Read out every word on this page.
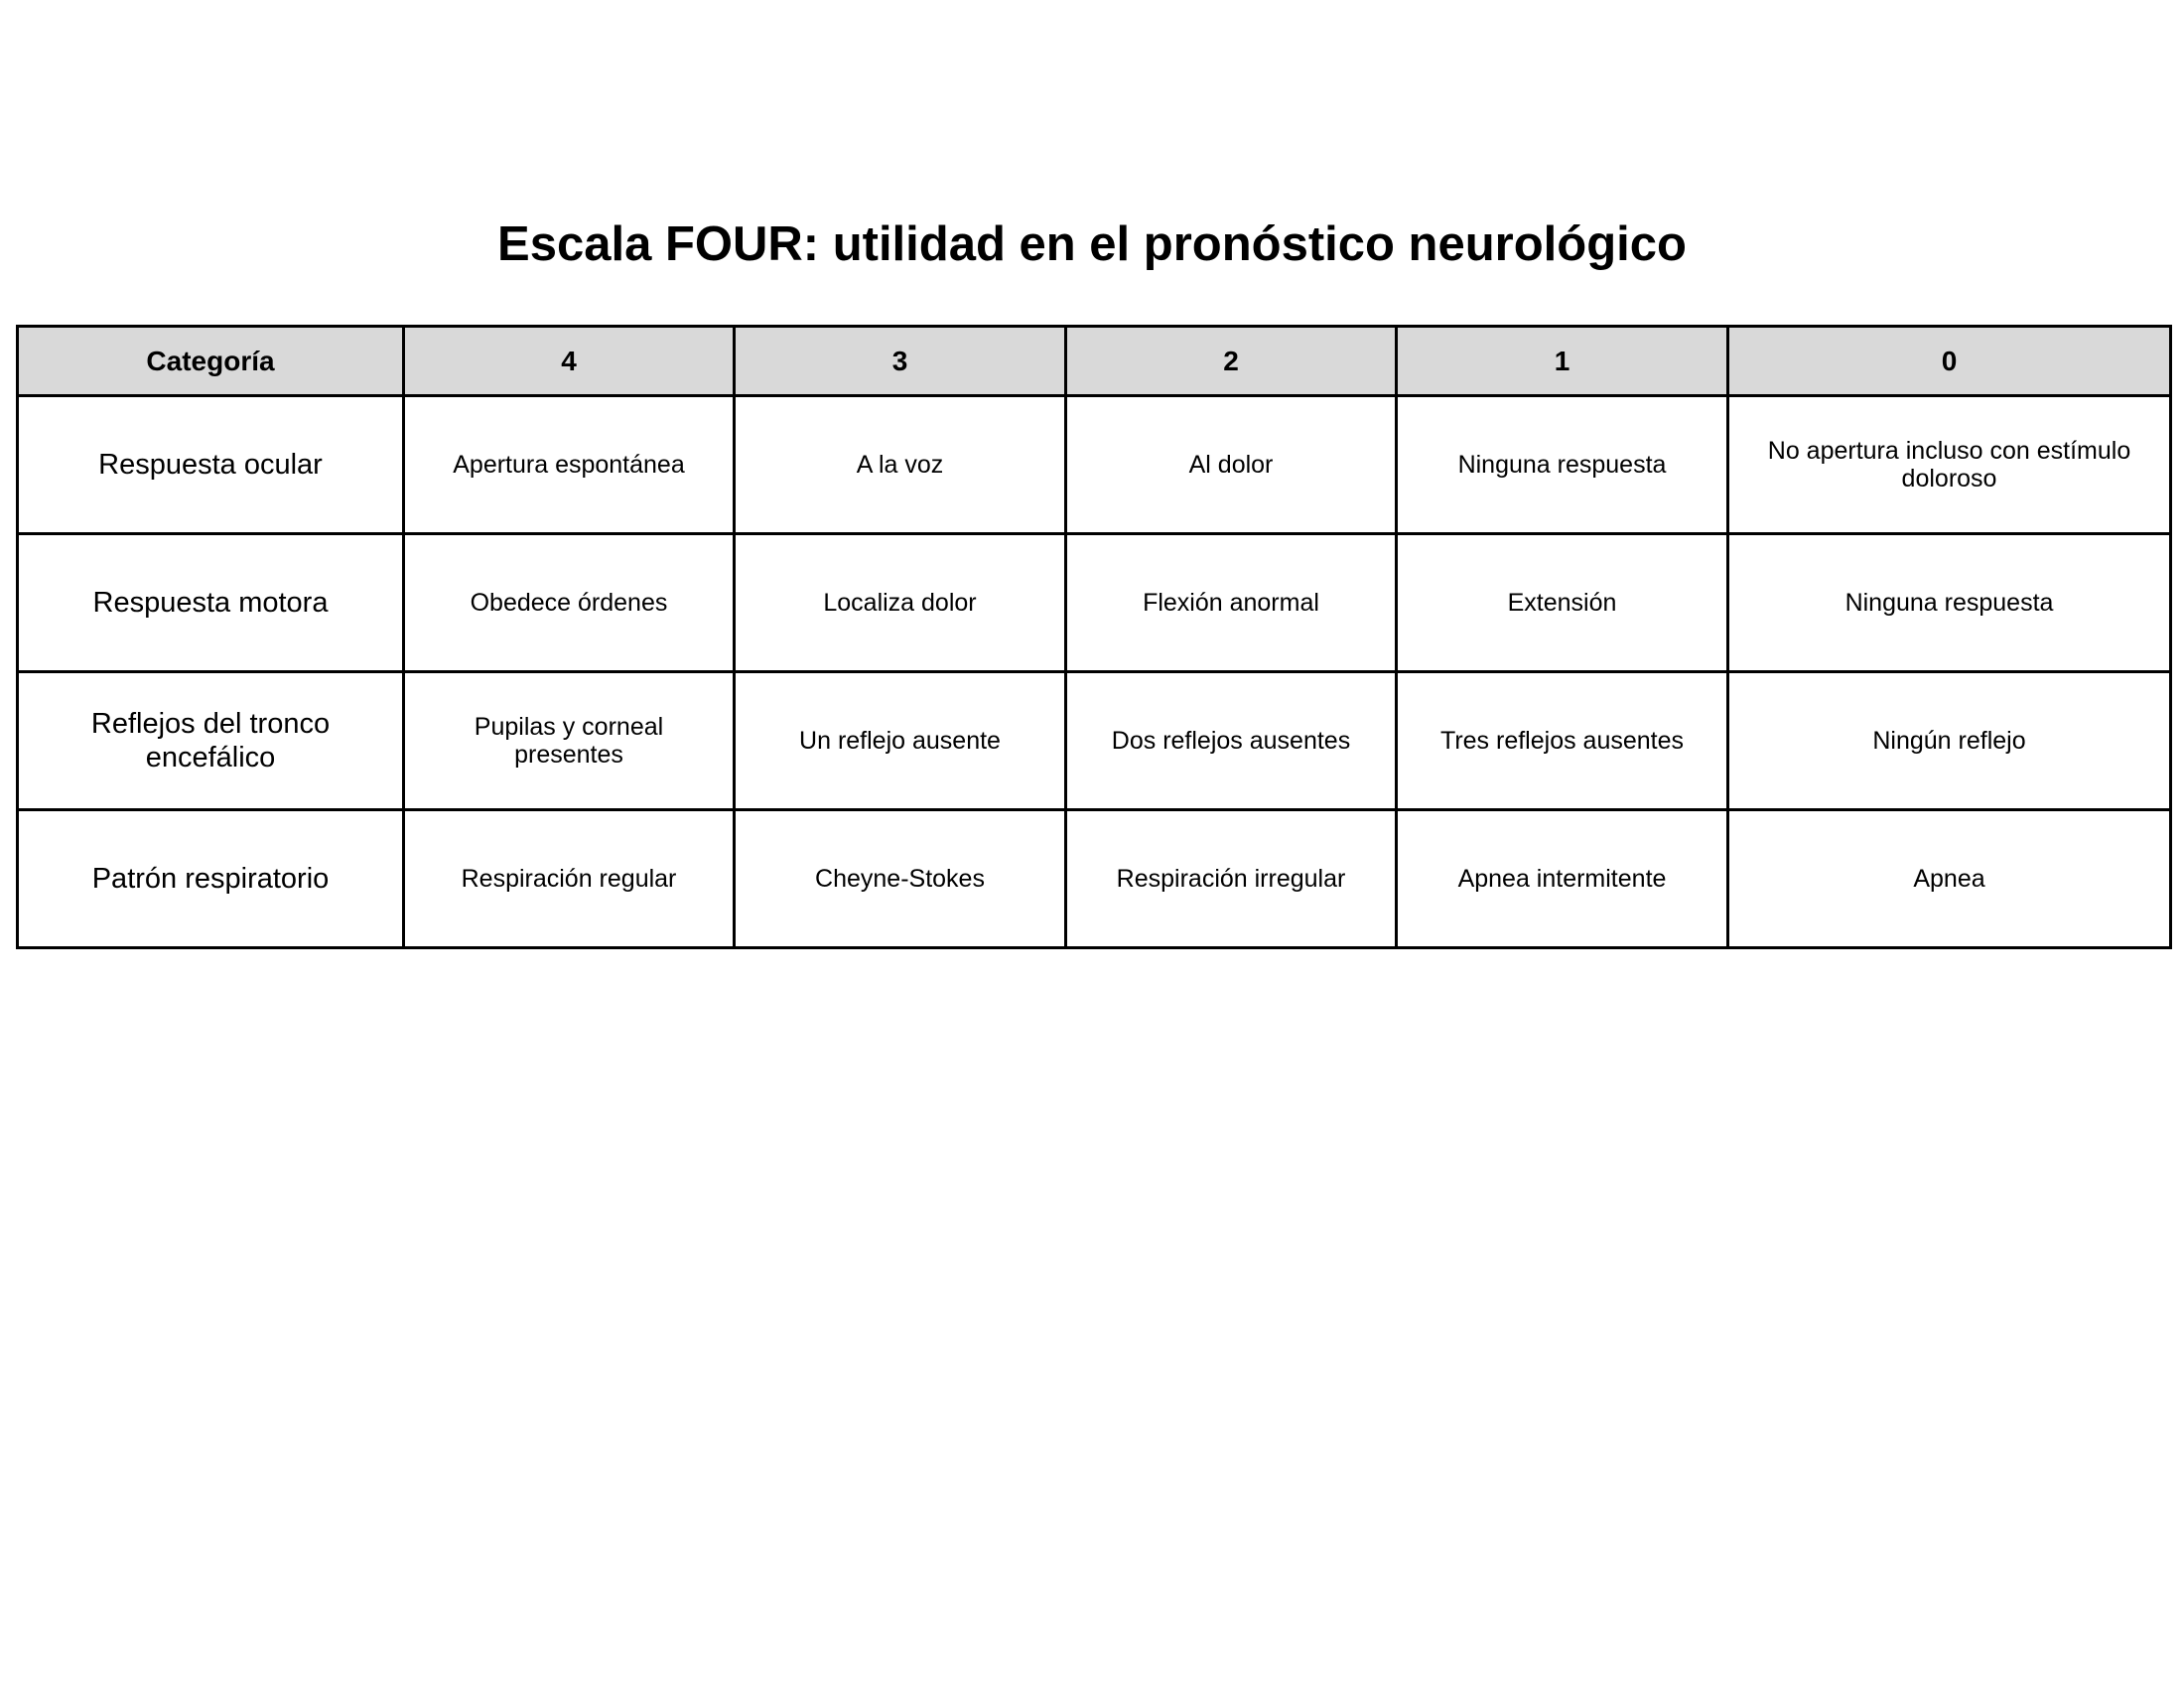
Escala FOUR: utilidad en el pronóstico neurológico
Categoría	4	3	2	1	0
Respuesta ocular	Apertura espontánea	A la voz	Al dolor	Ninguna respuesta	No apertura incluso con estímulo doloroso
Respuesta motora	Obedece órdenes	Localiza dolor	Flexión anormal	Extensión	Ninguna respuesta
Reflejos del tronco encefálico	Pupilas y corneal presentes	Un reflejo ausente	Dos reflejos ausentes	Tres reflejos ausentes	Ningún reflejo
Patrón respiratorio	Respiración regular	Cheyne-Stokes	Respiración irregular	Apnea intermitente	Apnea
